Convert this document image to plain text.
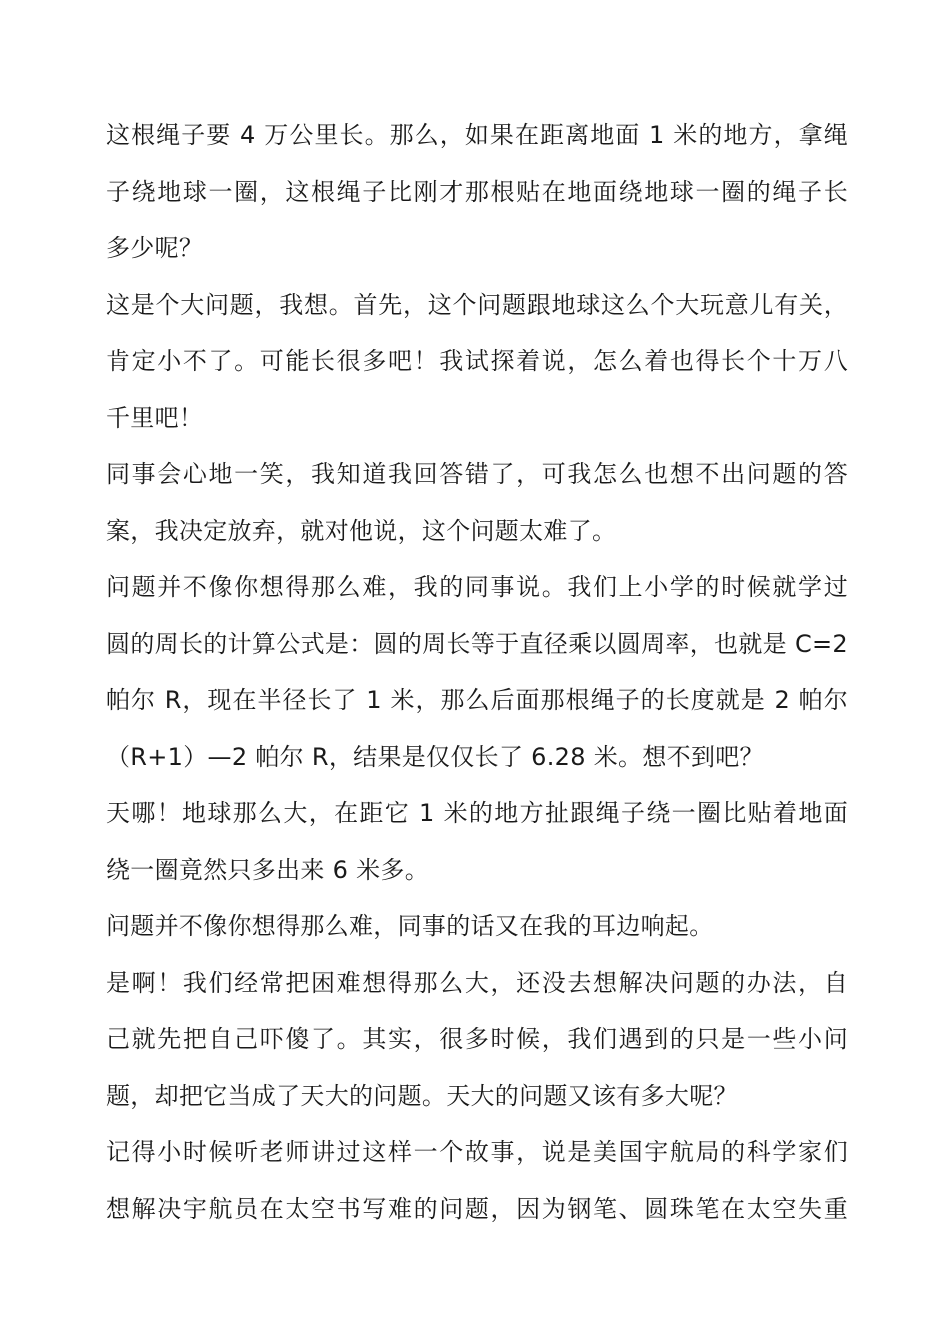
这根绳子要 4 万公里长。那么，如果在距离地面 1 米的地方，拿绳
子绕地球一圈，这根绳子比刚才那根贴在地面绕地球一圈的绳子长
多少呢？
这是个大问题，我想。首先，这个问题跟地球这么个大玩意儿有关，
肯定小不了。可能长很多吧！我试探着说，怎么着也得长个十万八
千里吧！
同事会心地一笑，我知道我回答错了，可我怎么也想不出问题的答
案，我决定放弃，就对他说，这个问题太难了。
问题并不像你想得那么难，我的同事说。我们上小学的时候就学过
圆的周长的计算公式是：圆的周长等于直径乘以圆周率，也就是 C=2
帕尔 R，现在半径长了 1 米，那么后面那根绳子的长度就是 2 帕尔
（R+1）—2 帕尔 R，结果是仅仅长了 6.28 米。想不到吧？
天哪！地球那么大，在距它 1 米的地方扯跟绳子绕一圈比贴着地面
绕一圈竟然只多出来 6 米多。
问题并不像你想得那么难，同事的话又在我的耳边响起。
是啊！我们经常把困难想得那么大，还没去想解决问题的办法，自
己就先把自己吓傻了。其实，很多时候，我们遇到的只是一些小问
题，却把它当成了天大的问题。天大的问题又该有多大呢？
记得小时候听老师讲过这样一个故事，说是美国宇航局的科学家们
想解决宇航员在太空书写难的问题，因为钢笔、圆珠笔在太空失重
